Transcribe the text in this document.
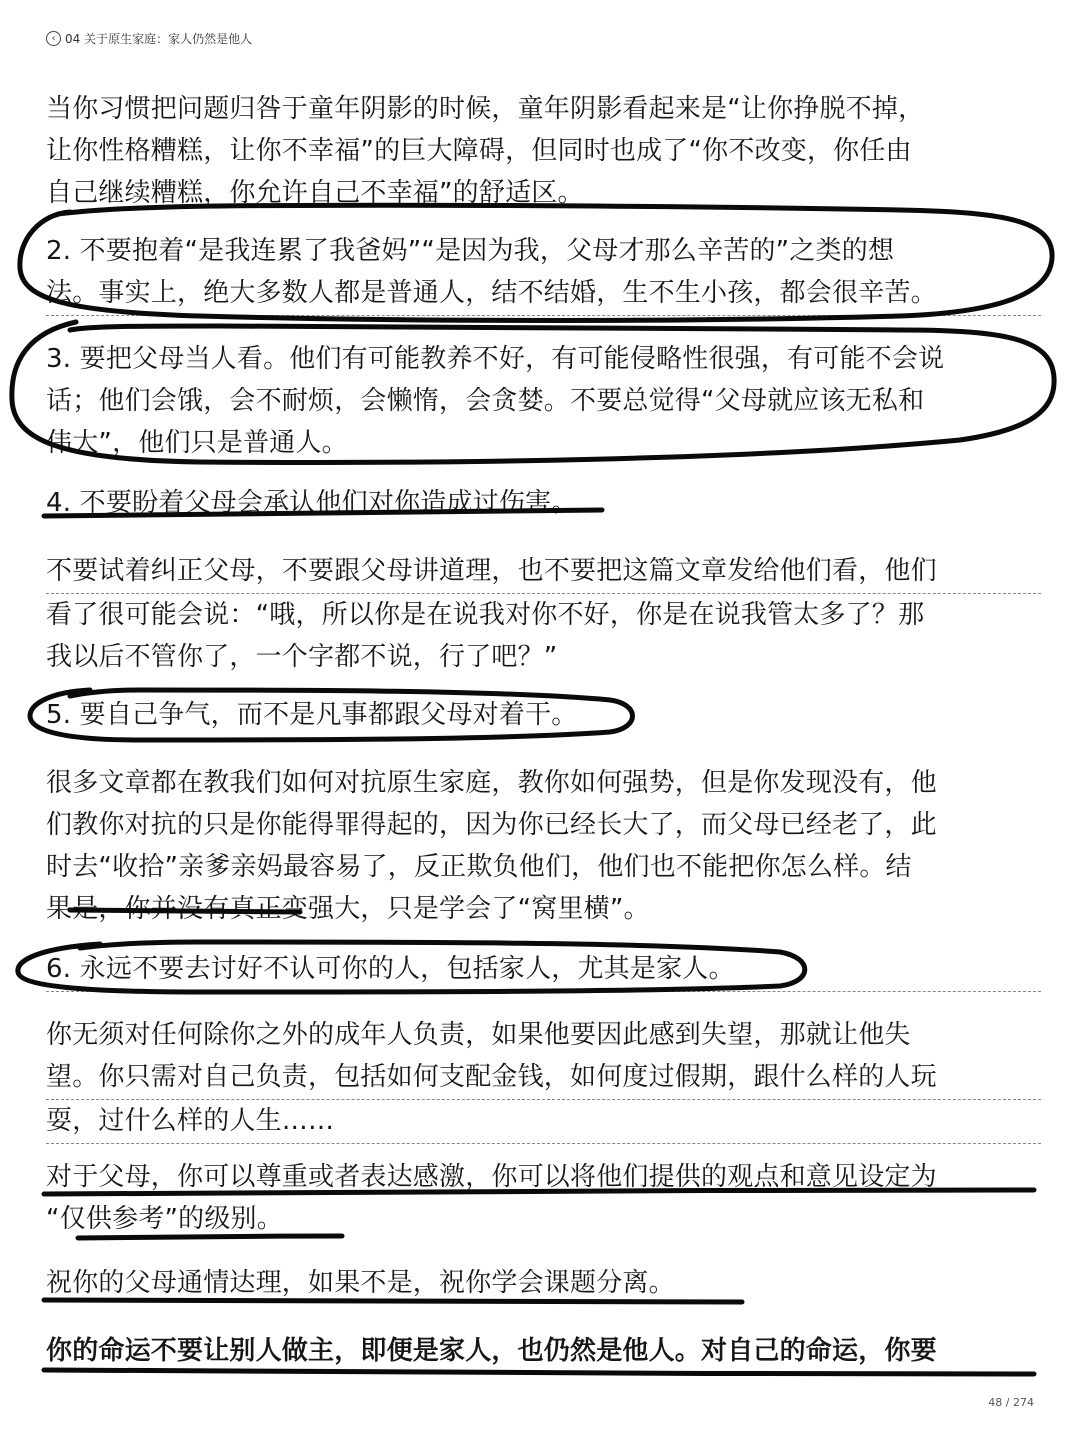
‹ 04 关于原生家庭：家人仍然是他人
当你习惯把问题归咎于童年阴影的时候，童年阴影看起来是“让你挣脱不掉，
让你性格糟糕，让你不幸福”的巨大障碍，但同时也成了“你不改变，你任由
自己继续糟糕，你允许自己不幸福”的舒适区。
2. 不要抱着“是我连累了我爸妈”“是因为我，父母才那么辛苦的”之类的想
法。事实上，绝大多数人都是普通人，结不结婚，生不生小孩，都会很辛苦。
3. 要把父母当人看。他们有可能教养不好，有可能侵略性很强，有可能不会说
话；他们会饿，会不耐烦，会懒惰，会贪婪。不要总觉得“父母就应该无私和
伟大”，他们只是普通人。
4. 不要盼着父母会承认他们对你造成过伤害。
不要试着纠正父母，不要跟父母讲道理，也不要把这篇文章发给他们看，他们
看了很可能会说：“哦，所以你是在说我对你不好，你是在说我管太多了？那
我以后不管你了，一个字都不说，行了吧？”
5. 要自己争气，而不是凡事都跟父母对着干。
很多文章都在教我们如何对抗原生家庭，教你如何强势，但是你发现没有，他
们教你对抗的只是你能得罪得起的，因为你已经长大了，而父母已经老了，此
时去“收拾”亲爹亲妈最容易了，反正欺负他们，他们也不能把你怎么样。结
果是，你并没有真正变强大，只是学会了“窝里横”。
6. 永远不要去讨好不认可你的人，包括家人，尤其是家人。
你无须对任何除你之外的成年人负责，如果他要因此感到失望，那就让他失
望。你只需对自己负责，包括如何支配金钱，如何度过假期，跟什么样的人玩
耍，过什么样的人生……
对于父母，你可以尊重或者表达感激，你可以将他们提供的观点和意见设定为
“仅供参考”的级别。
祝你的父母通情达理，如果不是，祝你学会课题分离。
你的命运不要让别人做主，即便是家人，也仍然是他人。对自己的命运，你要
48 / 274
